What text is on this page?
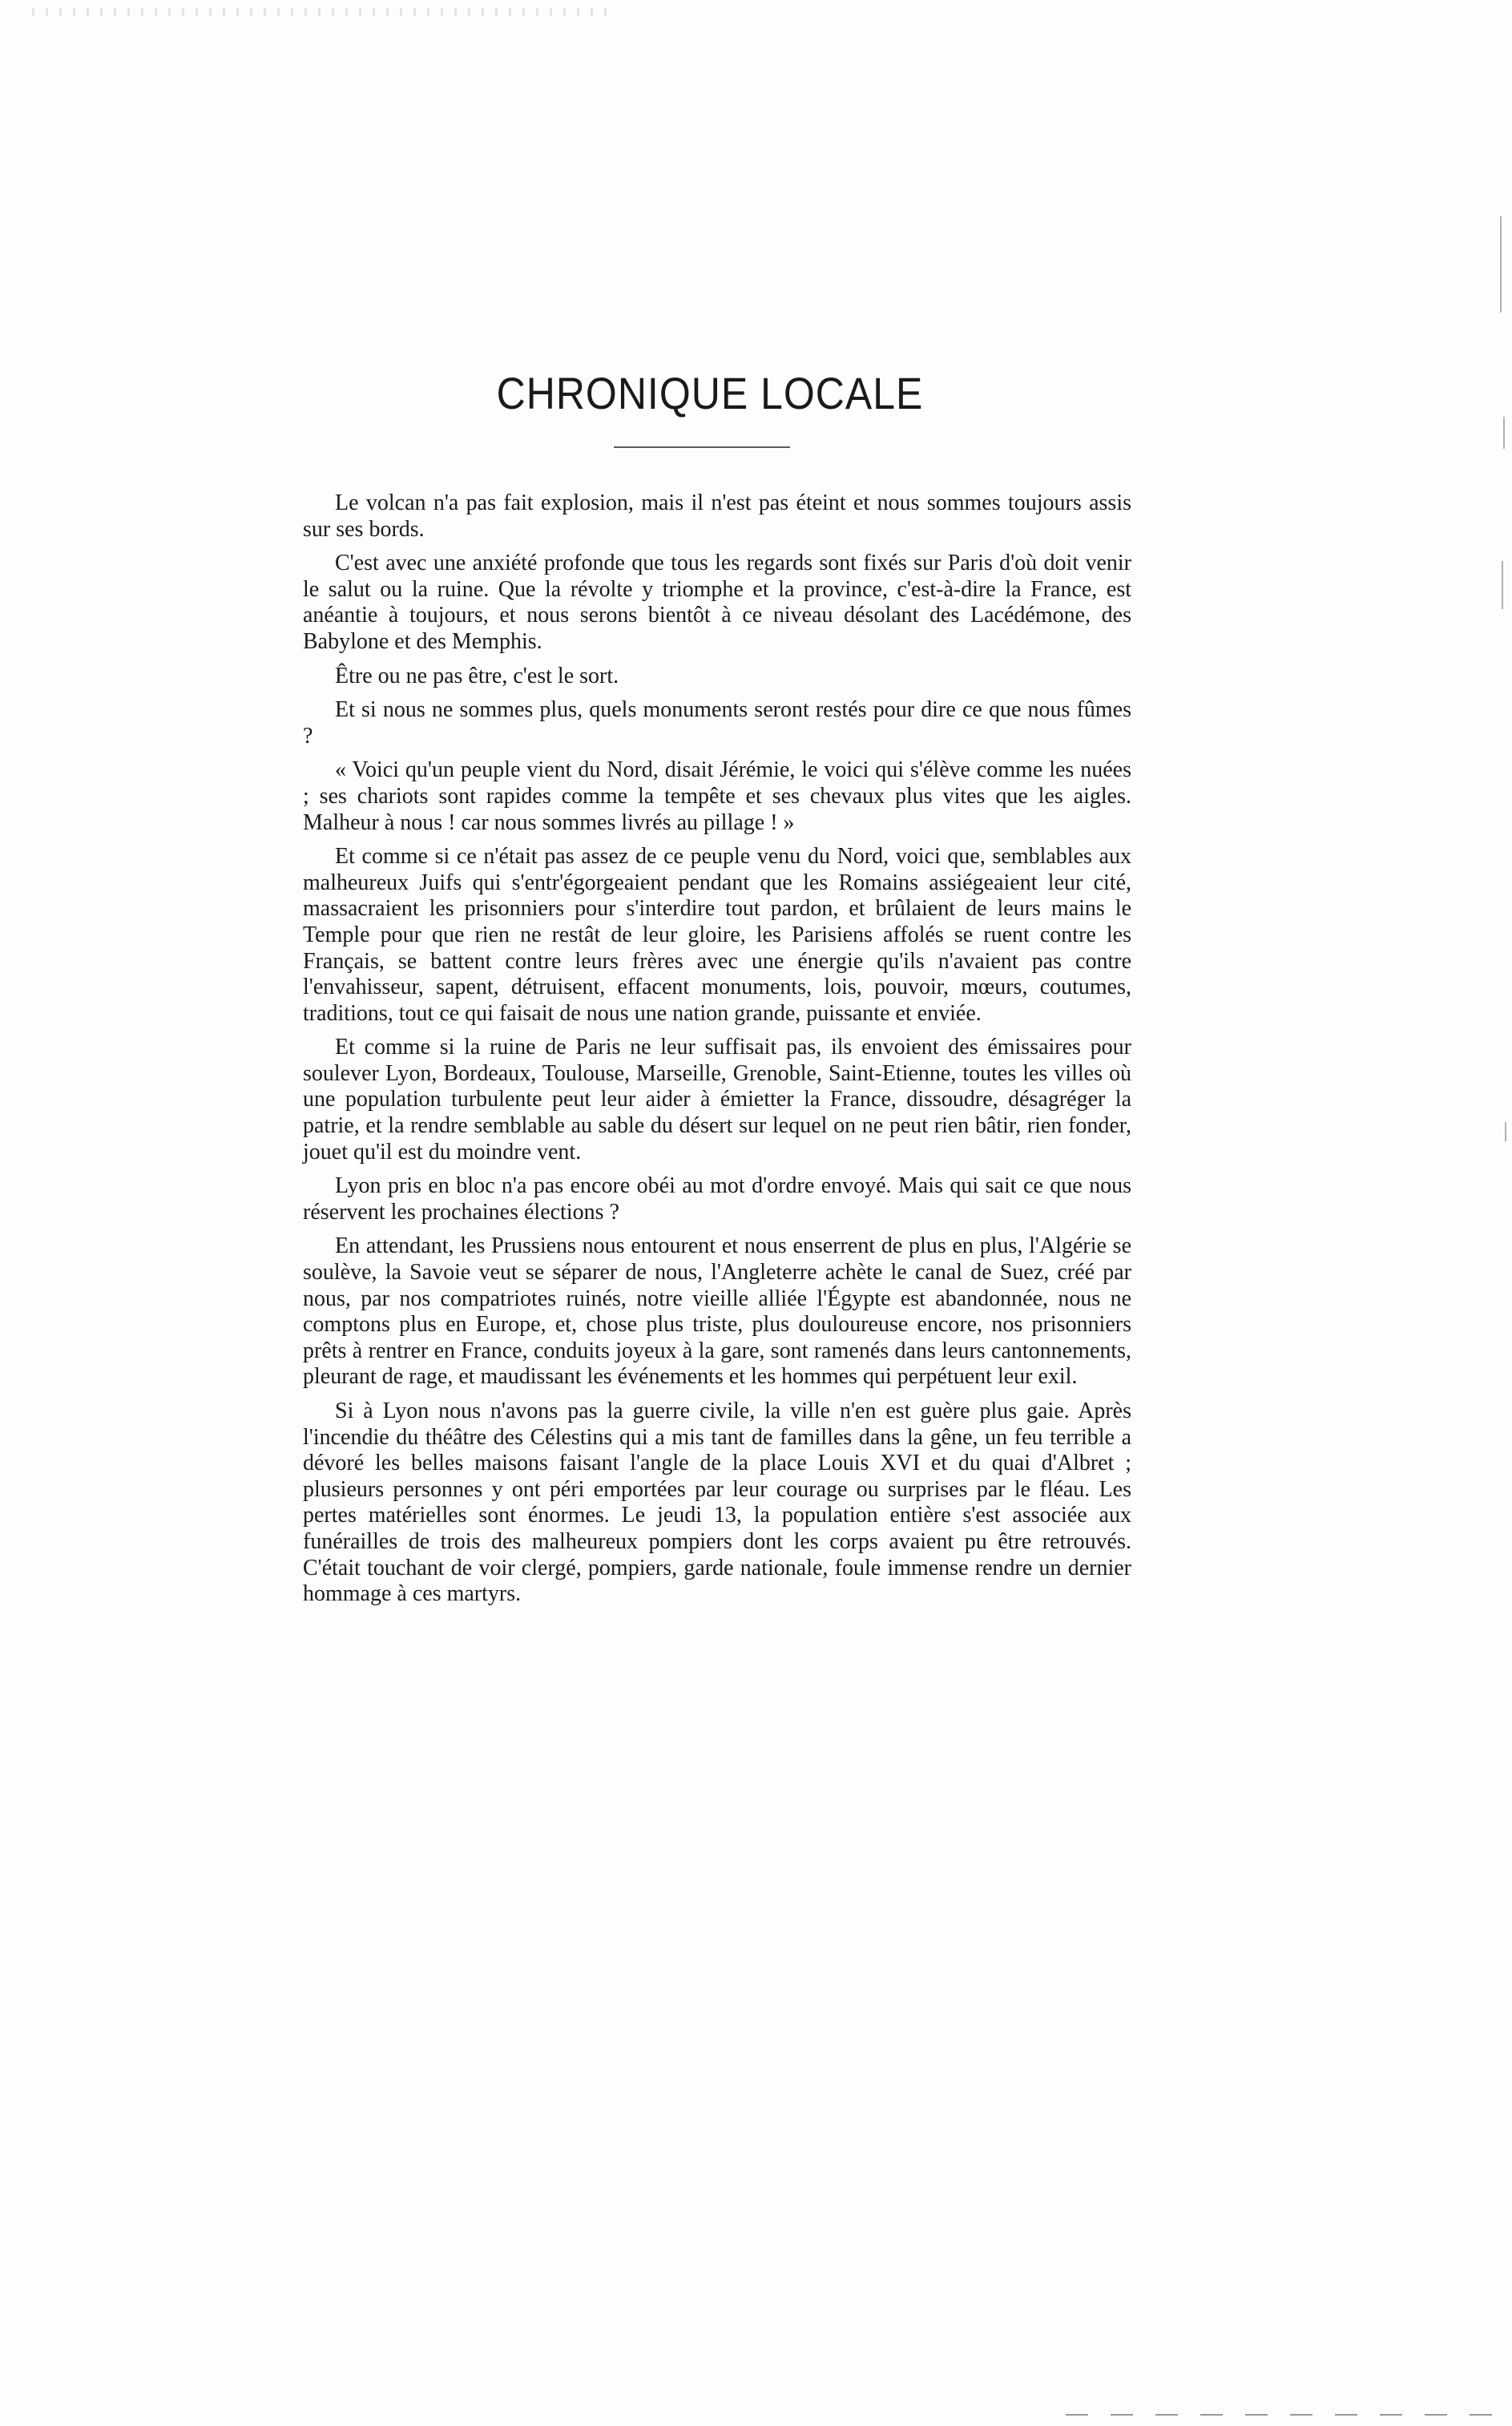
CHRONIQUE LOCALE

Le volcan n'a pas fait explosion, mais il n'est pas éteint et nous sommes toujours assis sur ses bords.

C'est avec une anxiété profonde que tous les regards sont fixés sur Paris d'où doit venir le salut ou la ruine. Que la révolte y triomphe et la province, c'est-à-dire la France, est anéantie à toujours, et nous serons bientôt à ce niveau désolant des Lacédémone, des Babylone et des Memphis.

Être ou ne pas être, c'est le sort.

Et si nous ne sommes plus, quels monuments seront restés pour dire ce que nous fûmes ?

« Voici qu'un peuple vient du Nord, disait Jérémie, le voici qui s'élève comme les nuées ; ses chariots sont rapides comme la tempête et ses chevaux plus vites que les aigles. Malheur à nous ! car nous sommes livrés au pillage ! »

Et comme si ce n'était pas assez de ce peuple venu du Nord, voici que, semblables aux malheureux Juifs qui s'entr'égorgeaient pendant que les Romains assiégeaient leur cité, massacraient les prisonniers pour s'interdire tout pardon, et brûlaient de leurs mains le Temple pour que rien ne restât de leur gloire, les Parisiens affolés se ruent contre les Français, se battent contre leurs frères avec une énergie qu'ils n'avaient pas contre l'envahisseur, sapent, détruisent, effacent monuments, lois, pouvoir, mœurs, coutumes, traditions, tout ce qui faisait de nous une nation grande, puissante et enviée.

Et comme si la ruine de Paris ne leur suffisait pas, ils envoient des émissaires pour soulever Lyon, Bordeaux, Toulouse, Marseille, Grenoble, Saint-Etienne, toutes les villes où une population turbulente peut leur aider à émietter la France, dissoudre, désagréger la patrie, et la rendre semblable au sable du désert sur lequel on ne peut rien bâtir, rien fonder, jouet qu'il est du moindre vent.

Lyon pris en bloc n'a pas encore obéi au mot d'ordre envoyé. Mais qui sait ce que nous réservent les prochaines élections ?

En attendant, les Prussiens nous entourent et nous enserrent de plus en plus, l'Algérie se soulève, la Savoie veut se séparer de nous, l'Angleterre achète le canal de Suez, créé par nous, par nos compatriotes ruinés, notre vieille alliée l'Égypte est abandonnée, nous ne comptons plus en Europe, et, chose plus triste, plus douloureuse encore, nos prisonniers prêts à rentrer en France, conduits joyeux à la gare, sont ramenés dans leurs cantonnements, pleurant de rage, et maudissant les événements et les hommes qui perpétuent leur exil.

Si à Lyon nous n'avons pas la guerre civile, la ville n'en est guère plus gaie. Après l'incendie du théâtre des Célestins qui a mis tant de familles dans la gêne, un feu terrible a dévoré les belles maisons faisant l'angle de la place Louis XVI et du quai d'Albret ; plusieurs personnes y ont péri emportées par leur courage ou surprises par le fléau. Les pertes matérielles sont énormes. Le jeudi 13, la population entière s'est associée aux funérailles de trois des malheureux pompiers dont les corps avaient pu être retrouvés. C'était touchant de voir clergé, pompiers, garde nationale, foule immense rendre un dernier hommage à ces martyrs.
